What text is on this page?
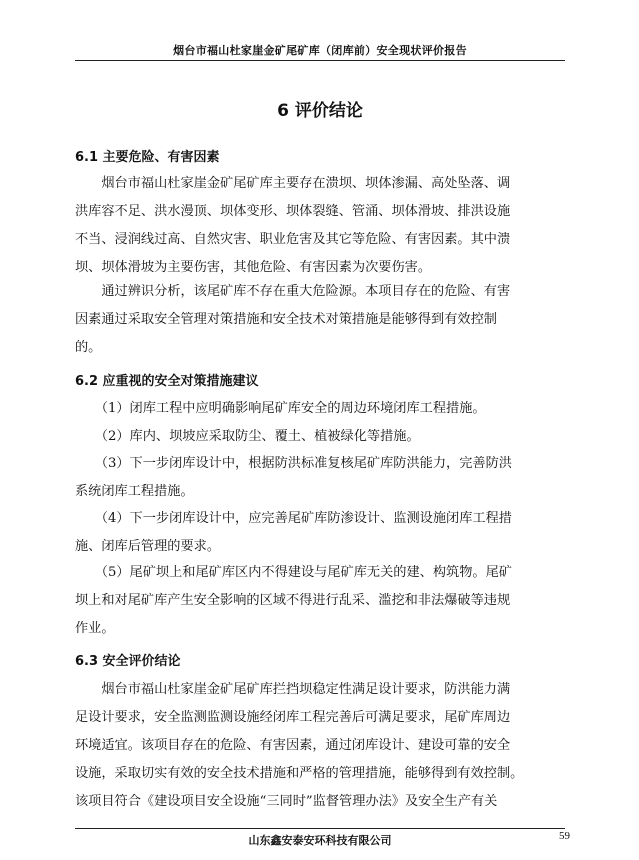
烟台市福山杜家崖金矿尾矿库（闭库前）安全现状评价报告
6 评价结论
6.1 主要危险、有害因素
　　烟台市福山杜家崖金矿尾矿库主要存在溃坝、坝体渗漏、高处坠落、调
洪库容不足、洪水漫顶、坝体变形、坝体裂缝、管涌、坝体滑坡、排洪设施
不当、浸润线过高、自然灾害、职业危害及其它等危险、有害因素。其中溃
坝、坝体滑坡为主要伤害，其他危险、有害因素为次要伤害。
　　通过辨识分析，该尾矿库不存在重大危险源。本项目存在的危险、有害
因素通过采取安全管理对策措施和安全技术对策措施是能够得到有效控制
的。
6.2 应重视的安全对策措施建议
　　（1）闭库工程中应明确影响尾矿库安全的周边环境闭库工程措施。
　　（2）库内、坝坡应采取防尘、覆土、植被绿化等措施。
　　（3）下一步闭库设计中，根据防洪标准复核尾矿库防洪能力，完善防洪
系统闭库工程措施。
　　（4）下一步闭库设计中，应完善尾矿库防渗设计、监测设施闭库工程措
施、闭库后管理的要求。
　　（5）尾矿坝上和尾矿库区内不得建设与尾矿库无关的建、构筑物。尾矿
坝上和对尾矿库产生安全影响的区域不得进行乱采、滥挖和非法爆破等违规
作业。
6.3 安全评价结论
　　烟台市福山杜家崖金矿尾矿库拦挡坝稳定性满足设计要求，防洪能力满
足设计要求，安全监测监测设施经闭库工程完善后可满足要求，尾矿库周边
环境适宜。该项目存在的危险、有害因素，通过闭库设计、建设可靠的安全
设施，采取切实有效的安全技术措施和严格的管理措施，能够得到有效控制。
该项目符合《建设项目安全设施“三同时”监督管理办法》及安全生产有关
山东鑫安泰安环科技有限公司	59
